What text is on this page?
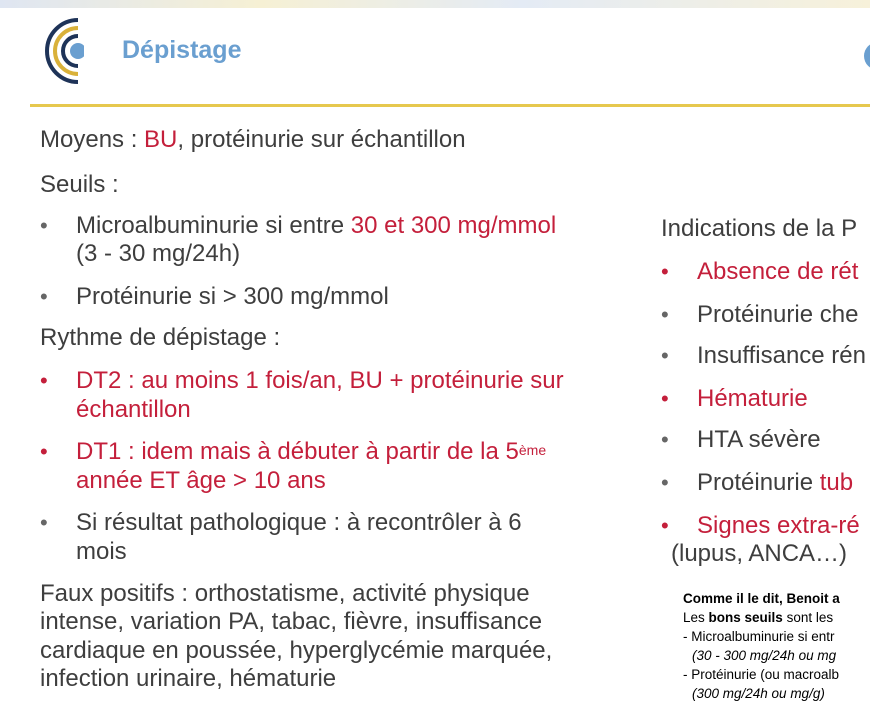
Dépistage
Moyens : BU, protéinurie sur échantillon
Seuils :
• Microalbuminurie si entre 30 et 300 mg/mmol
(3 - 30 mg/24h)
• Protéinurie si > 300 mg/mmol
Rythme de dépistage :
• DT2 : au moins 1 fois/an, BU + protéinurie sur
échantillon
• DT1 : idem mais à débuter à partir de la 5ème
année ET âge > 10 ans
• Si résultat pathologique : à recontrôler à 6
mois
Faux positifs : orthostatisme, activité physique
intense, variation PA, tabac, fièvre, insuffisance
cardiaque en poussée, hyperglycémie marquée,
infection urinaire, hématurie
Indications de la P
• Absence de rét
• Protéinurie che
• Insuffisance rén
• Hématurie
• HTA sévère
• Protéinurie tub
• Signes extra-ré
(lupus, ANCA…)
Comme il le dit, Benoit a
Les bons seuils sont les
- Microalbuminurie si entr
(30 - 300 mg/24h ou mg
- Protéinurie (ou macroalb
(300 mg/24h ou mg/g)
